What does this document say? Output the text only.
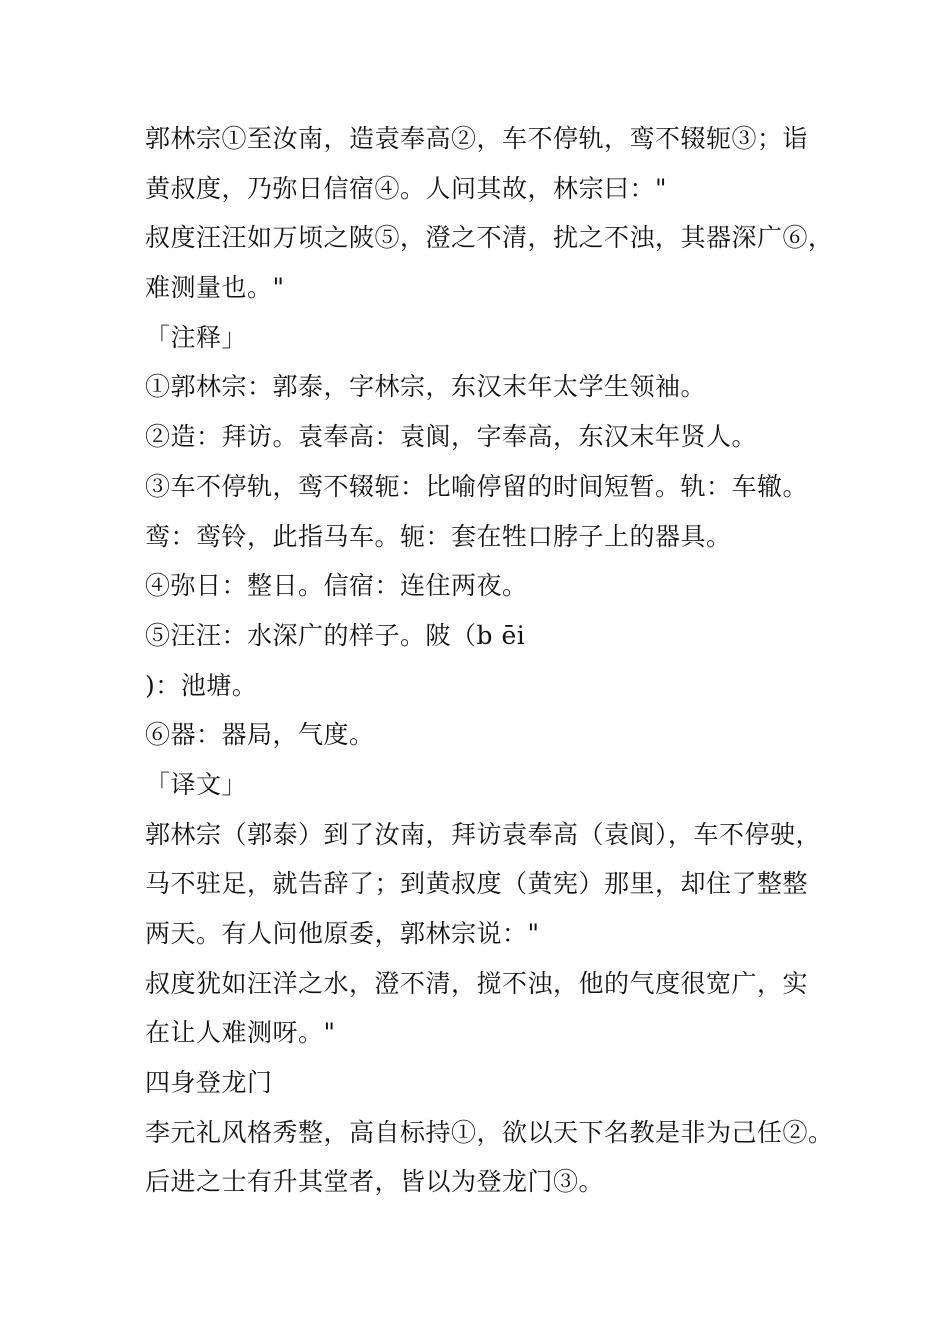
郭林宗①至汝南，造袁奉高②，车不停轨，鸾不辍轭③；诣
黄叔度，乃弥日信宿④。人问其故，林宗曰："
叔度汪汪如万顷之陂⑤，澄之不清，扰之不浊，其器深广⑥，
难测量也。"
「注释」
①郭林宗：郭泰，字林宗，东汉末年太学生领袖。
②造：拜访。袁奉高：袁阆，字奉高，东汉末年贤人。
③车不停轨，鸾不辍轭：比喻停留的时间短暂。轨：车辙。
鸾：鸾铃，此指马车。轭：套在牲口脖子上的器具。
④弥日：整日。信宿：连住两夜。
⑤汪汪：水深广的样子。陂（b ēi
)：池塘。
⑥器：器局，气度。
「译文」
郭林宗（郭泰）到了汝南，拜访袁奉高（袁阆），车不停驶，
马不驻足，就告辞了；到黄叔度（黄宪）那里，却住了整整
两天。有人问他原委，郭林宗说："
叔度犹如汪洋之水，澄不清，搅不浊，他的气度很宽广，实
在让人难测呀。"
四身登龙门
李元礼风格秀整，高自标持①，欲以天下名教是非为己任②。
后进之士有升其堂者，皆以为登龙门③。
